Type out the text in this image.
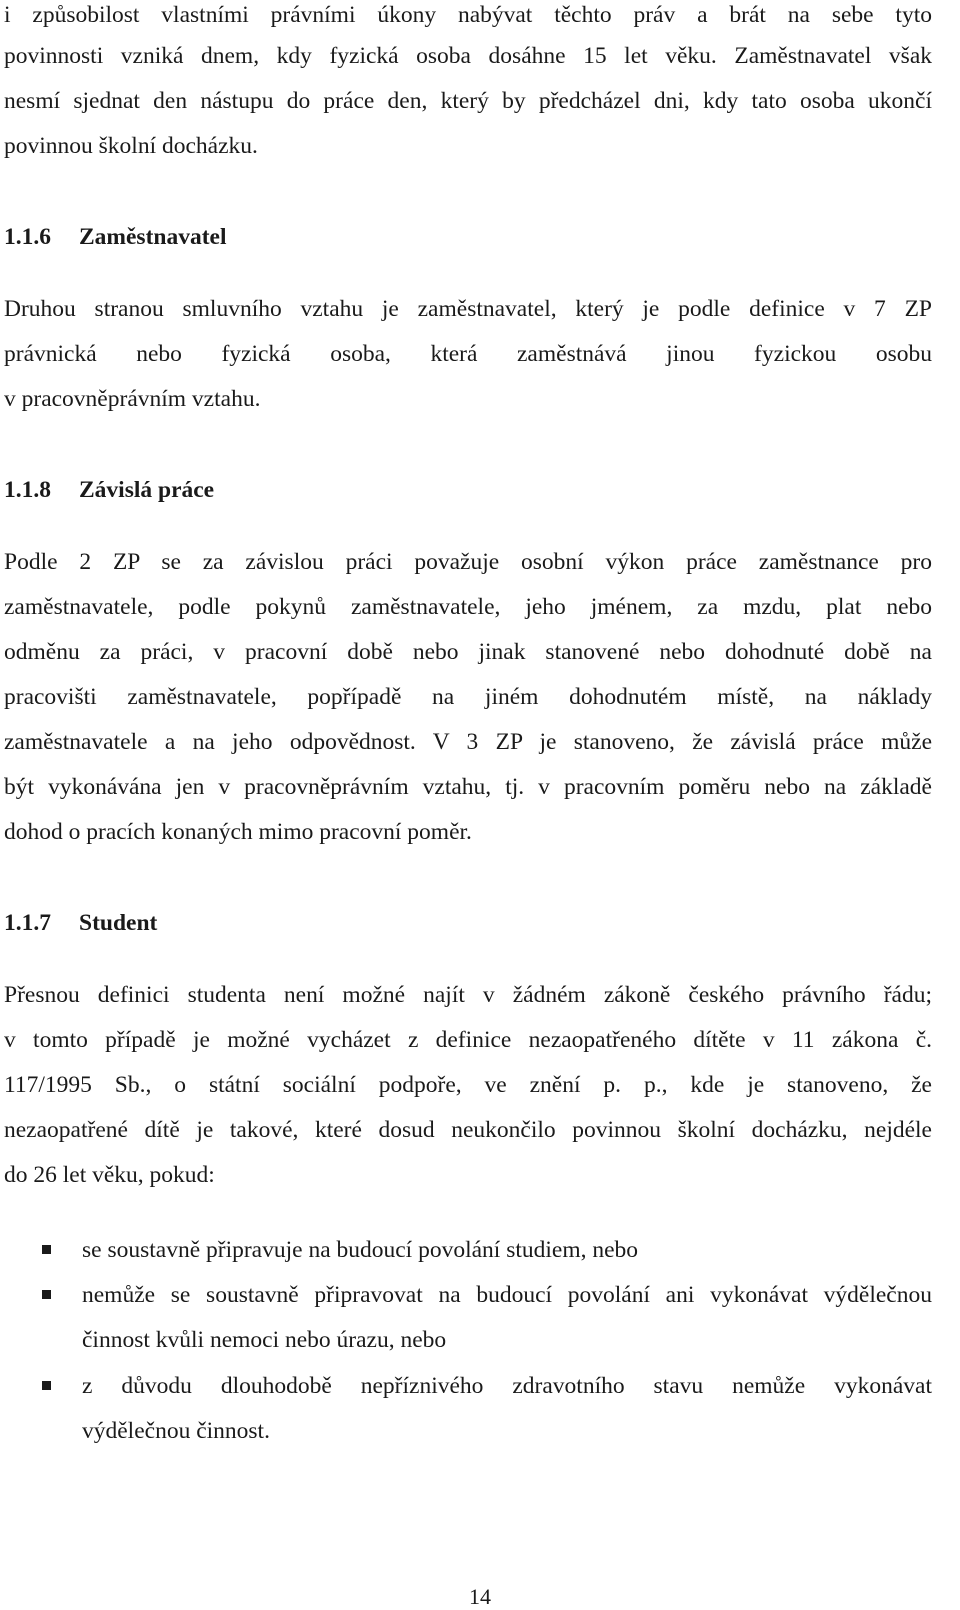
i způsobilost vlastními právními úkony nabývat těchto práv a brát na sebe tyto
povinnosti vzniká dnem, kdy fyzická osoba dosáhne 15 let věku. Zaměstnavatel však
nesmí sjednat den nástupu do práce den, který by předcházel dni, kdy tato osoba ukončí
povinnou školní docházku.
1.1.6 Zaměstnavatel
Druhou stranou smluvního vztahu je zaměstnavatel, který je podle definice v 7 ZP
právnická nebo fyzická osoba, která zaměstnává jinou fyzickou osobu
v pracovněprávním vztahu.
1.1.8 Závislá práce
Podle 2 ZP se za závislou práci považuje osobní výkon práce zaměstnance pro
zaměstnavatele, podle pokynů zaměstnavatele, jeho jménem, za mzdu, plat nebo
odměnu za práci, v pracovní době nebo jinak stanovené nebo dohodnuté době na
pracovišti zaměstnavatele, popřípadě na jiném dohodnutém místě, na náklady
zaměstnavatele a na jeho odpovědnost. V 3 ZP je stanoveno, že závislá práce může
být vykonávána jen v pracovněprávním vztahu, tj. v pracovním poměru nebo na základě
dohod o pracích konaných mimo pracovní poměr.
1.1.7 Student
Přesnou definici studenta není možné najít v žádném zákoně českého právního řádu;
v tomto případě je možné vycházet z definice nezaopatřeného dítěte v 11 zákona č.
117/1995 Sb., o státní sociální podpoře, ve znění p. p., kde je stanoveno, že
nezaopatřené dítě je takové, které dosud neukončilo povinnou školní docházku, nejdéle
do 26 let věku, pokud:
se soustavně připravuje na budoucí povolání studiem, nebo
nemůže se soustavně připravovat na budoucí povolání ani vykonávat výdělečnou
činnost kvůli nemoci nebo úrazu, nebo
z důvodu dlouhodobě nepříznivého zdravotního stavu nemůže vykonávat
výdělečnou činnost.
14
